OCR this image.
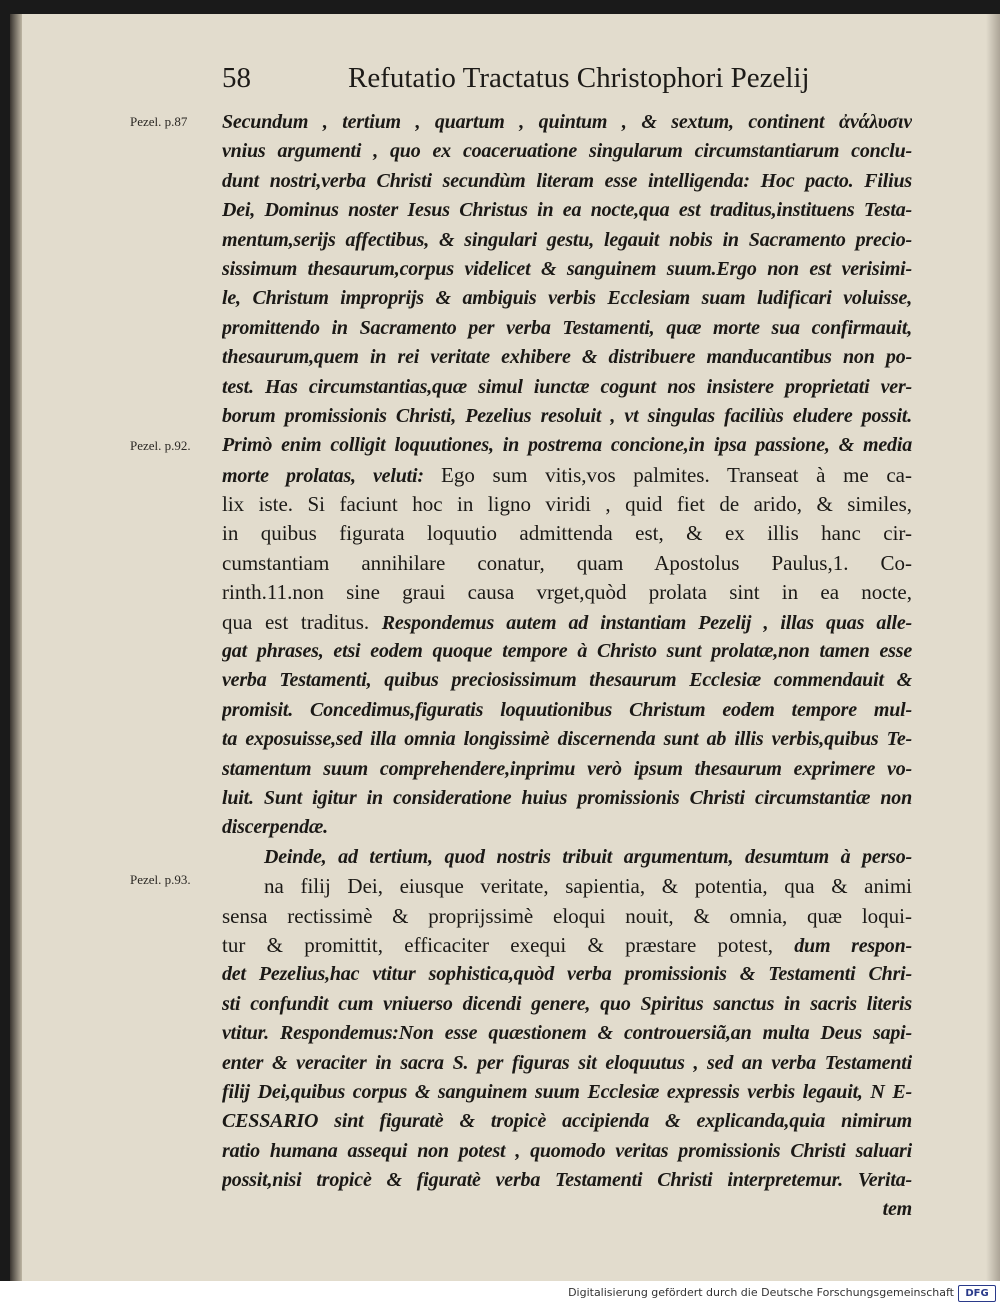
58	Refutatio Tractatus Christophori Pezelij
Pezel. p.87
Pezel. p.92.
Pezel. p.93.
Secundum , tertium , quartum , quintum , & sextum, continent ἀνάλυσιν
vnius argumenti , quo ex coaceruatione singularum circumstantiarum conclu-
dunt nostri,verba Christi secundùm literam esse intelligenda: Hoc pacto. Filius
Dei, Dominus noster Iesus Christus in ea nocte,qua est traditus,instituens Testa-
mentum,serijs affectibus, & singulari gestu, legauit nobis in Sacramento precio-
sissimum thesaurum,corpus videlicet & sanguinem suum.Ergo non est verisimi-
le, Christum improprijs & ambiguis verbis Ecclesiam suam ludificari voluisse,
promittendo in Sacramento per verba Testamenti, quæ morte sua confirmauit,
thesaurum,quem in rei veritate exhibere & distribuere manducantibus non po-
test. Has circumstantias,quæ simul iunctæ cogunt nos insistere proprietati ver-
borum promissionis Christi, Pezelius resoluit , vt singulas faciliùs eludere possit.
Primò enim colligit loquutiones, in postrema concione,in ipsa passione, & media
morte prolatas, veluti: Ego sum vitis,vos palmites. Transeat à me ca-
lix iste. Si faciunt hoc in ligno viridi , quid fiet de arido, & similes,
in quibus figurata loquutio admittenda est, & ex illis hanc cir-
cumstantiam annihilare conatur, quam Apostolus Paulus,1. Co-
rinth.11.non sine graui causa vrget,quòd prolata sint in ea nocte,
qua est traditus. Respondemus autem ad instantiam Pezelij , illas quas alle-
gat phrases, etsi eodem quoque tempore à Christo sunt prolatæ,non tamen esse
verba Testamenti, quibus preciosissimum thesaurum Ecclesiæ commendauit &
promisit. Concedimus,figuratis loquutionibus Christum eodem tempore mul-
ta exposuisse,sed illa omnia longissimè discernenda sunt ab illis verbis,quibus Te-
stamentum suum comprehendere,inprimu verò ipsum thesaurum exprimere vo-
luit. Sunt igitur in consideratione huius promissionis Christi circumstantiæ non
discerpendæ.
Deinde, ad tertium, quod nostris tribuit argumentum, desumtum à perso-
na filij Dei, eiusque veritate, sapientia, & potentia, qua & animi
sensa rectissimè & proprijssimè eloqui nouit, & omnia, quæ loqui-
tur & promittit, efficaciter exequi & præstare potest, dum respon-
det Pezelius,hac vtitur sophistica,quòd verba promissionis & Testamenti Chri-
sti confundit cum vniuerso dicendi genere, quo Spiritus sanctus in sacris literis
vtitur. Respondemus:Non esse quæstionem & controuersiã,an multa Deus sapi-
enter & veraciter in sacra S. per figuras sit eloquutus , sed an verba Testamenti
filij Dei,quibus corpus & sanguinem suum Ecclesiæ expressis verbis legauit, N E-
CESSARIO sint figuratè & tropicè accipienda & explicanda,quia nimirum
ratio humana assequi non potest , quomodo veritas promissionis Christi saluari
possit,nisi tropicè & figuratè verba Testamenti Christi interpretemur. Verita-
tem
Digitalisierung gefördert durch die Deutsche Forschungsgemeinschaft	DFG
